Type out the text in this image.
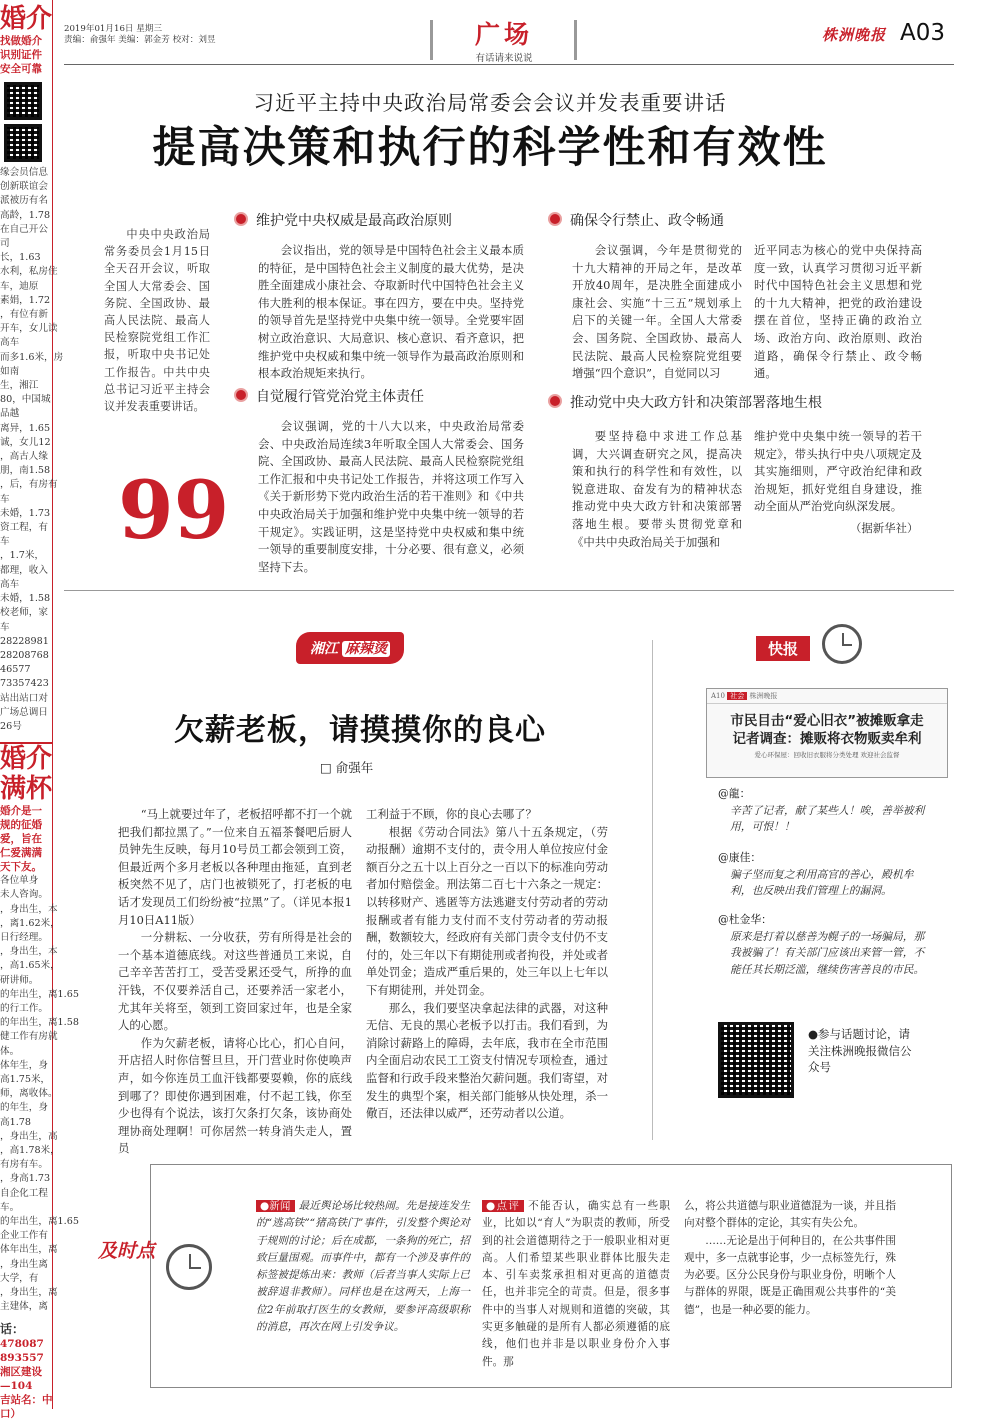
婚介
找做婚介
识别证件
安全可靠
缘会员信息
创新联谊会
派被历有名
高龄，1.78
在自己开公
司
长，1.63
水利，私房住
车，迪原
素娟，1.72
，有位有新
开车，女儿读
高车
而多1.6米，房
如南
生，湘江
80，中国城
品越
离异，1.65
诚，女儿12
，高古人缘
朋，南1.58
，后，有房有
车
未婚，1.73
资工程，有
车
，1.7米，
都理，收入
高车
未婚，1.58
校老师，家
车
28228981
28208768
46577
73357423
站出站口对
广场总调日
26号
婚介
满杯
婚介是一
规的征婚
爱，旨在
仁爱满满
天下友。
各位单身
未人咨询。
，身出生，本
，离1.62米，
日行经理。
，身出生，本
，高1.65米，
研讲师。
的年出生，离1.65
的行工作。
的年出生，离1.58
健工作有房就
体。
体年生，身
高1.75米，
师，离收体。
的年生，身
高1.78
，身出生，高
，高1.78米，
有房有车。
，身高1.73
自企化工程
车。
的年出生，离1.65
企业工作有
体年出生，离
，身出生离
大学，有
，身出生，离
主建体，离
话：
478087
893557
湘区建设
—104
吉站名：中
口）
2019年01月16日 星期三
责编：俞强年 美编：郭金芳 校对：刘昱	广场
有话请来说说
株洲晚报 A03
习近平主持中央政治局常委会会议并发表重要讲话
提高决策和执行的科学性和有效性

中央中央政治局常务委员会1月15日全天召开会议，听取全国人大常委会、国务院、全国政协、最高人民法院、最高人民检察院党组工作汇报，听取中央书记处工作报告。中共中央总书记习近平主持会议并发表重要讲话。

99
维护党中央权威是最高政治原则

会议指出，党的领导是中国特色社会主义最本质的特征，是中国特色社会主义制度的最大优势，是决胜全面建成小康社会、夺取新时代中国特色社会主义伟大胜利的根本保证。事在四方，要在中央。坚持党的领导首先是坚持党中央集中统一领导。全党要牢固树立政治意识、大局意识、核心意识、看齐意识，把维护党中央权威和集中统一领导作为最高政治原则和根本政治规矩来执行。

自觉履行管党治党主体责任

会议强调，党的十八大以来，中央政治局常委会、中央政治局连续3年听取全国人大常委会、国务院、全国政协、最高人民法院、最高人民检察院党组工作汇报和中央书记处工作报告，并将这项工作写入《关于新形势下党内政治生活的若干准则》和《中共中央政治局关于加强和维护党中央集中统一领导的若干规定》。实践证明，这是坚持党中央权威和集中统一领导的重要制度安排，十分必要、很有意义，必须坚持下去。

确保令行禁止、政令畅通

会议强调，今年是贯彻党的十九大精神的开局之年，是改革开放40周年，是决胜全面建成小康社会、实施“十三五”规划承上启下的关键一年。全国人大常委会、国务院、全国政协、最高人民法院、最高人民检察院党组要增强“四个意识”，自觉同以习

近平同志为核心的党中央保持高度一致，认真学习贯彻习近平新时代中国特色社会主义思想和党的十九大精神，把党的政治建设摆在首位，坚持正确的政治立场、政治方向、政治原则、政治道路，确保令行禁止、政令畅通。

推动党中央大政方针和决策部署落地生根

要坚持稳中求进工作总基调，大兴调查研究之风，提高决策和执行的科学性和有效性，以锐意进取、奋发有为的精神状态推动党中央大政方针和决策部署落地生根。要带头贯彻党章和《中共中央政治局关于加强和

维护党中央集中统一领导的若干规定》，带头执行中央八项规定及其实施细则，严守政治纪律和政治规矩，抓好党组自身建设，推动全面从严治党向纵深发展。

（据新华社）
湘江 麻辣烫
欠薪老板，请摸摸你的良心
□ 俞强年

“马上就要过年了，老板招呼都不打一个就把我们都拉黑了。”一位来自五福茶餐吧后厨人员钟先生反映，每月10号员工都会领到工资，但最近两个多月老板以各种理由拖延，直到老板突然不见了，店门也被锁死了，打老板的电话才发现员工们纷纷被“拉黑”了。（详见本报1月10日A11版）

一分耕耘、一分收获，劳有所得是社会的一个基本道德底线。对这些普通员工来说，自己辛辛苦苦打工，受苦受累还受气，所挣的血汗钱，不仅要养活自己，还要养活一家老小，尤其年关将至，领到工资回家过年，也是全家人的心愿。

作为欠薪老板，请将心比心，扪心自问，开店招人时你信誓旦旦，开门营业时你使唤声声，如今你连员工血汗钱都要耍赖，你的底线到哪了？即使你遇到困难，付不起工钱，你至少也得有个说法，该打欠条打欠条，该协商处理协商处理啊！可你居然一转身消失走人，置员

工利益于不顾，你的良心去哪了？

根据《劳动合同法》第八十五条规定，（劳动报酬）逾期不支付的，责令用人单位按应付金额百分之五十以上百分之一百以下的标准向劳动者加付赔偿金。刑法第二百七十六条之一规定：以转移财产、逃匿等方法逃避支付劳动者的劳动报酬或者有能力支付而不支付劳动者的劳动报酬，数额较大，经政府有关部门责令支付仍不支付的，处三年以下有期徒刑或者拘役，并处或者单处罚金；造成严重后果的，处三年以上七年以下有期徒刑，并处罚金。

那么，我们要坚决拿起法律的武器，对这种无信、无良的黑心老板予以打击。我们看到，为消除讨薪路上的障碍，去年底，我市在全市范围内全面启动农民工工资支付情况专项检查，通过监督和行政手段来整治欠薪问题。我们寄望，对发生的典型个案，相关部门能够从快处理，杀一儆百，还法律以威严，还劳动者以公道。

快报
A10 社会 株洲晚报
市民目击“爱心旧衣”被摊贩拿走
记者调查：摊贩将衣物贩卖牟利
爱心环保屋：回收旧衣服将分类处理 欢迎社会监督
@龍：
辛苦了记者，献了某些人！唉，善举被利用，可恨！！
@康佳：
骗子坚而复之利用高官的善心，殿机牟利，也反映出我们管理上的漏洞。
@杜金华：
原来是打着以慈善为幌子的一场骗局，那我被骗了！有关部门应该出来管一管，不能任其长期泛滥，继续伤害善良的市民。
●参与话题讨论，请关注株洲晚报微信公众号
及时点

●新闻 最近舆论场比较热闹。先是接连发生的“逃高铁”“猪高铁门”事件，引发整个舆论对于规则的讨论；后在成都，一条狗的死亡，招致巨量围观。而事件中，都有一个涉及事件的标签被提炼出来：教师（后者当事人实际上已被辞退非教师）。同样也是在这两天，上海一位2年前取打医生的女教师，要参评高级职称的消息，再次在网上引发争议。

●点评 不能否认，确实总有一些职业，比如以“育人”为职责的教师，所受到的社会道德期待之于一般职业相对更高。人们希望某些职业群体比服失走本、引车卖浆承担相对更高的道德责任，也并非完全的苛责。但是，很多事件中的当事人对规则和道德的突破，其实更多触碰的是所有人都必须遵循的底线，他们也并非是以职业身份介入事件。那

么，将公共道德与职业道德混为一谈，并且指向对整个群体的定论，其实有失公允。

……无论是出于何种目的，在公共事件围观中，多一点就事论事，少一点标签先行，殊为必要。区分公民身份与职业身份，明晰个人与群体的界限，既是正确围观公共事件的“美德”，也是一种必要的能力。
